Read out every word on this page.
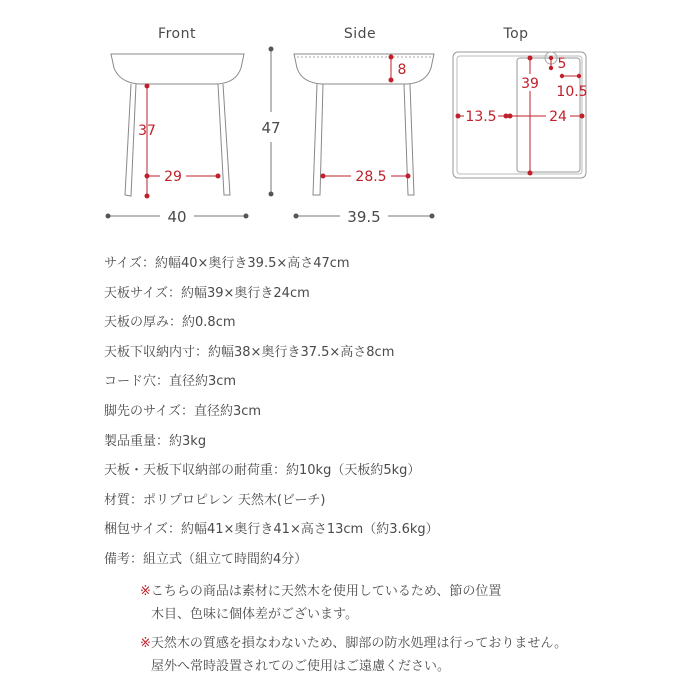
Front
37
29
40
47
Side
8
28.5
39.5
Top
39
5
10.5
13.5	24
サイズ：約幅40×奥行き39.5×高さ47cm
天板サイズ：約幅39×奥行き24cm
天板の厚み：約0.8cm
天板下収納内寸：約幅38×奥行き37.5×高さ8cm
コード穴：直径約3cm
脚先のサイズ：直径約3cm
製品重量：約3kg
天板・天板下収納部の耐荷重：約10kg（天板約5kg）
材質：ポリプロピレン 天然木(ビーチ)
梱包サイズ：約幅41×奥行き41×高さ13cm（約3.6kg）
備考：組立式（組立て時間約4分）
※こちらの商品は素材に天然木を使用しているため、節の位置
木目、色味に個体差がございます。
※天然木の質感を損なわないため、脚部の防水処理は行っておりません。
屋外へ常時設置されてのご使用はご遠慮ください。
